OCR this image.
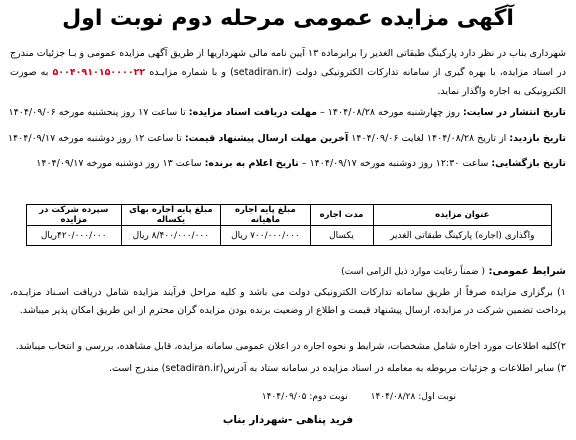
آگهی مزایده عمومی مرحله دوم نوبت اول
شهرداری بناب در نظر دارد پارکینگ طبقاتی الغدیر را برابرماده ۱۳ آیین نامه مالی شهرداریها از طریق آگهی مزایده عمومی و بـا جزئیات مندرج در اسناد مزایده، با بهره گیری از سامانه تدارکات الکترونیکی دولت (setadiran.ir) و با شماره مزایـده ۵۰۰۴۰۹۱۰۱۵۰۰۰۰۲۲ به صورت الکترونیکی به اجاره واگذار نماید.
تاریخ انتشار در سایت: روز چهارشنبه مورخه ۱۴۰۴/۰۸/۲۸ – مهلت دریافت اسناد مزایده: تا ساعت ۱۷ روز پنجشنبه مورخه ۱۴۰۴/۰۹/۰۶
تاریخ بازدید: از تاریخ ۱۴۰۴/۰۸/۲۸ لغایت ۱۴۰۴/۰۹/۰۶ آخرین مهلت ارسال پیشنهاد قیمت: تا ساعت ۱۲ روز دوشنبه مورخه ۱۴۰۴/۰۹/۱۷
تاریخ بازگشایی: ساعت ۱۲:۳۰ روز دوشنبه مورخه ۱۴۰۴/۰۹/۱۷ – تاریخ اعلام به برنده: ساعت ۱۳ روز دوشنبه مورخه ۱۴۰۴/۰۹/۱۷
عنوان مزایده	مدت اجاره	مبلغ پایه اجاره ماهیانه	مبلغ پایه اجاره بهای یکساله	سپرده شرکت در مزایده
واگذاری (اجاره) پارکینگ طبقاتی الغدیر	یکسال	۷۰۰/۰۰۰/۰۰۰ ریال	۸/۴۰۰/۰۰۰/۰۰۰ ریال	۴۲۰/۰۰۰/۰۰۰ریال
شرایط عمومی: ( ضمناً رعایت موارد ذیل الزامی است)
۱) برگزاری مزایده صرفاً از طریق سامانه تدارکات الکترونیکی دولت می باشد و کلیه مراحل فرآیند مزایده شامل دریافت اسـناد مزایـده، پرداخت تضمین شرکت در مزایده، ارسال پیشنهاد قیمت و اطلاع از وضعیت برنده بودن مزایده گران محترم از این طریق امکان پذیر میباشد.
۲)کلیه اطلاعات مورد اجاره شامل مشخصات، شرایط و نحوه اجاره در اعلان عمومی سامانه مزایده، قابل مشاهده، بررسی و انتخاب میباشد.
۳) سایر اطلاعات و جزئیات مربوطه به معامله در اسناد مزایده در سامانه ستاد به آدرس(setadiran.ir) مندرج است.
نوبت اول: ۱۴۰۴/۰۸/۲۸        نوبت دوم: ۱۴۰۴/۰۹/۰۵
فرید پناهی -شهردار بناب
